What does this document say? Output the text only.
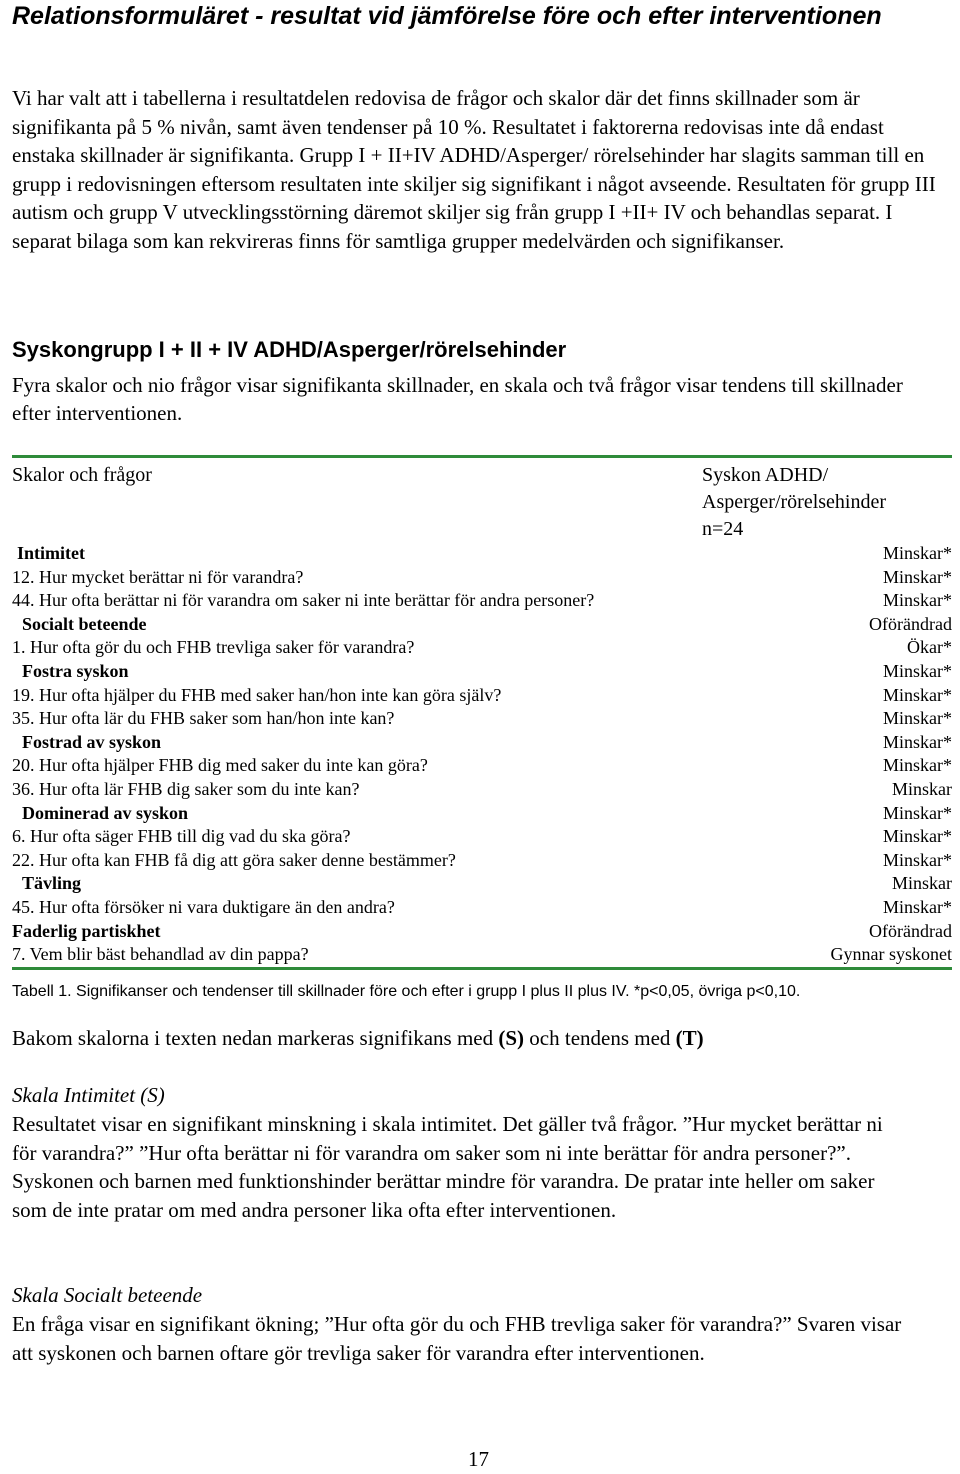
Relationsformuläret - resultat vid jämförelse före och efter interventionen

Vi har valt att i tabellerna i resultatdelen redovisa de frågor och skalor där det finns skillnader som är signifikanta på 5 % nivån, samt även tendenser på 10 %. Resultatet i faktorerna redovisas inte då endast enstaka skillnader är signifikanta. Grupp I + II+IV ADHD/Asperger/ rörelsehinder har slagits samman till en grupp i redovisningen eftersom resultaten inte skiljer sig signifikant i något avseende. Resultaten för grupp III autism och grupp V utvecklingsstörning däremot skiljer sig från grupp I +II+ IV och behandlas separat. I separat bilaga som kan rekvireras finns för samtliga grupper medelvärden och signifikanser.

Syskongrupp I + II + IV ADHD/Asperger/rörelsehinder

Fyra skalor och nio frågor visar signifikanta skillnader, en skala och två frågor visar tendens till skillnader efter interventionen.

Skalor och frågor	Syskon ADHD/
Asperger/rörelsehinder
n=24
Intimitet	Minskar*
12. Hur mycket berättar ni för varandra?	Minskar*
44. Hur ofta berättar ni för varandra om saker ni inte berättar för andra personer?	Minskar*
Socialt beteende	Oförändrad
1. Hur ofta gör du och FHB trevliga saker för varandra?	Ökar*
Fostra syskon	Minskar*
19. Hur ofta hjälper du FHB med saker han/hon inte kan göra själv?	Minskar*
35. Hur ofta lär du FHB saker som han/hon inte kan?	Minskar*
Fostrad av syskon	Minskar*
20. Hur ofta hjälper FHB dig med saker du inte kan göra?	Minskar*
36. Hur ofta lär FHB dig saker som du inte kan?	Minskar
Dominerad av syskon	Minskar*
6. Hur ofta säger FHB till dig vad du ska göra?	Minskar*
22. Hur ofta kan FHB få dig att göra saker denne bestämmer?	Minskar*
Tävling	Minskar
45. Hur ofta försöker ni vara duktigare än den andra?	Minskar*
Faderlig partiskhet	Oförändrad
7. Vem blir bäst behandlad av din pappa?	Gynnar syskonet

Tabell 1. Signifikanser och tendenser till skillnader före och efter i grupp I plus II plus IV. *p<0,05, övriga p<0,10.

Bakom skalorna i texten nedan markeras signifikans med (S) och tendens med (T)

Skala Intimitet (S)

Resultatet visar en signifikant minskning i skala intimitet. Det gäller två frågor. ”Hur mycket berättar ni för varandra?” ”Hur ofta berättar ni för varandra om saker som ni inte berättar för andra personer?”. Syskonen och barnen med funktionshinder berättar mindre för varandra. De pratar inte heller om saker som de inte pratar om med andra personer lika ofta efter interventionen.

Skala Socialt beteende

En fråga visar en signifikant ökning; ”Hur ofta gör du och FHB trevliga saker för varandra?” Svaren visar att syskonen och barnen oftare gör trevliga saker för varandra efter interventionen.

17
